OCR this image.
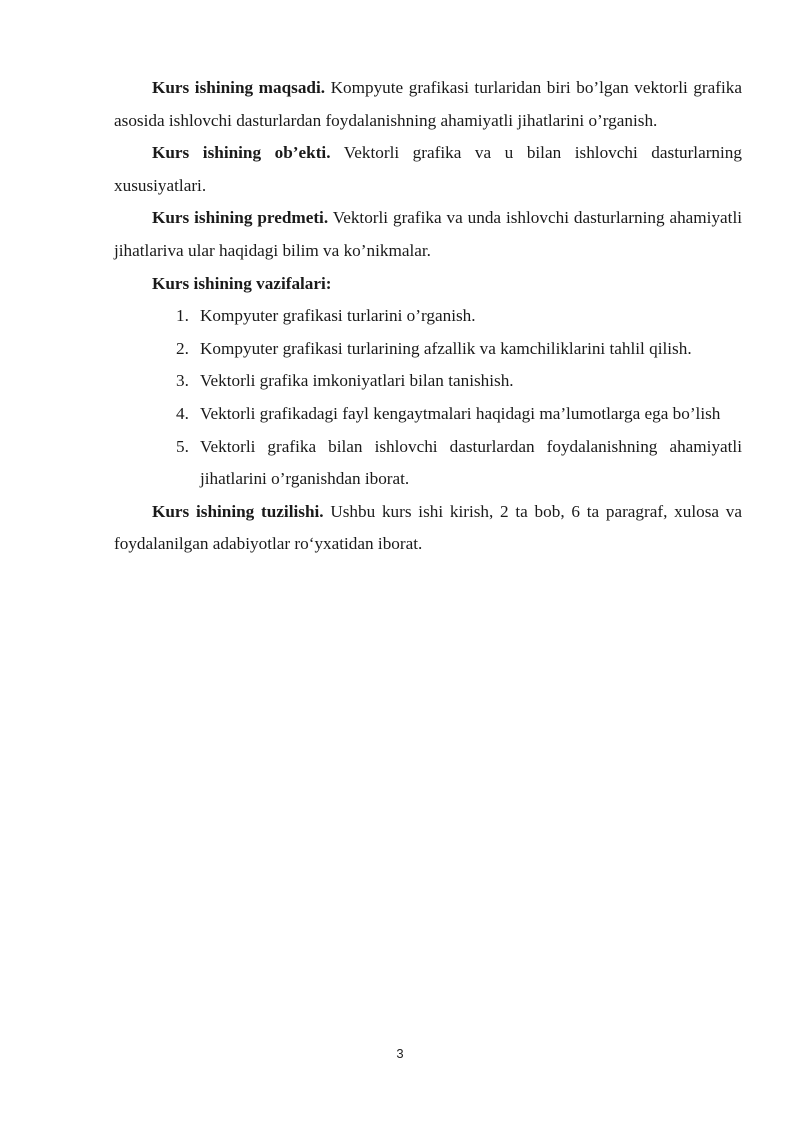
Kurs ishining maqsadi. Kompyute grafikasi turlaridan biri bo’lgan vektorli grafika asosida ishlovchi dasturlardan foydalanishning ahamiyatli jihatlarini o’rganish.

Kurs ishining ob’ekti. Vektorli grafika va u bilan ishlovchi dasturlarning xususiyatlari.

Kurs ishining predmeti. Vektorli grafika va unda ishlovchi dasturlarning ahamiyatli jihatlariva ular haqidagi bilim va ko’nikmalar.

Kurs ishining vazifalari:

1. Kompyuter grafikasi turlarini o’rganish.
2. Kompyuter grafikasi turlarining afzallik va kamchiliklarini tahlil qilish.
3. Vektorli grafika imkoniyatlari bilan tanishish.
4. Vektorli grafikadagi fayl kengaytmalari haqidagi ma’lumotlarga ega bo’lish
5. Vektorli grafika bilan ishlovchi dasturlardan foydalanishning ahamiyatli jihatlarini o’rganishdan iborat.

Kurs ishining tuzilishi. Ushbu kurs ishi kirish, 2 ta bob, 6 ta paragraf, xulosa va foydalanilgan adabiyotlar ro‘yxatidan iborat.

3
